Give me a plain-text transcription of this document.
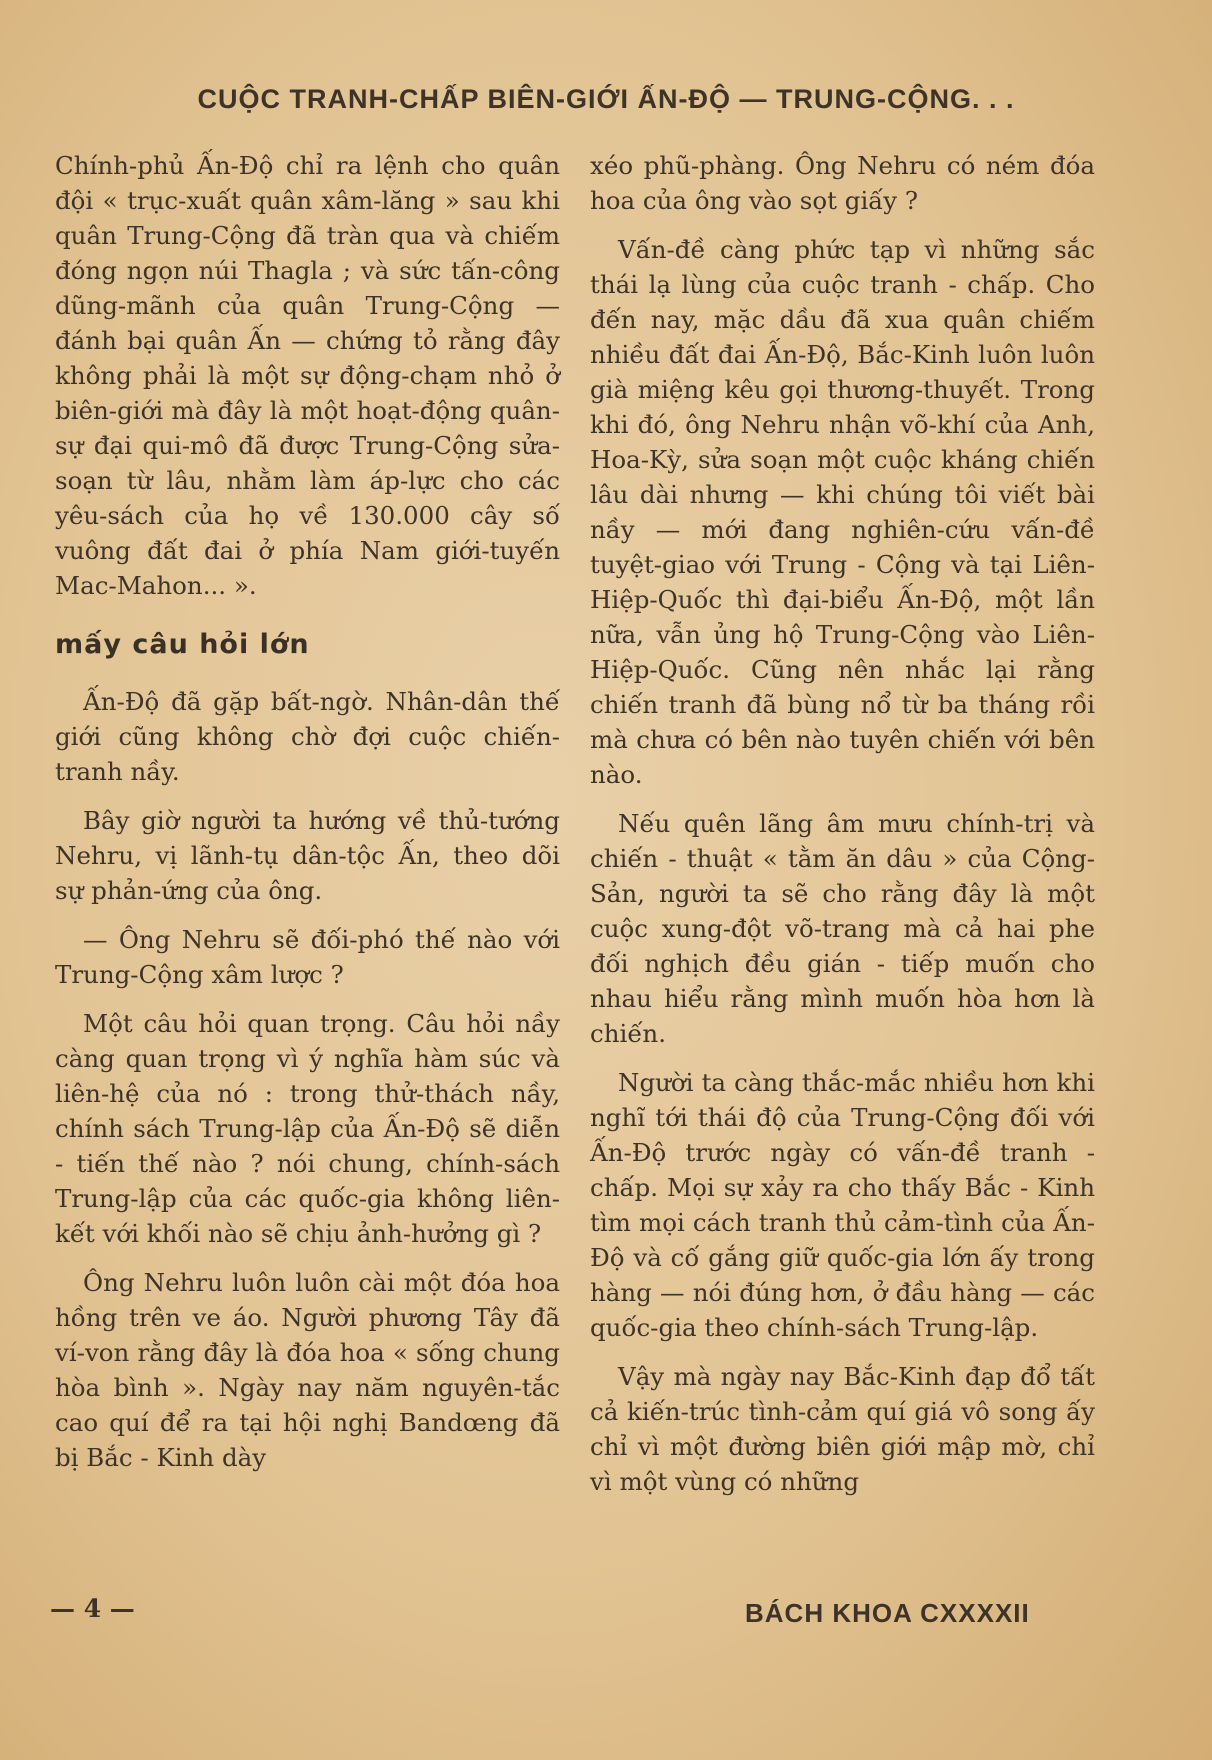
CUỘC TRANH-CHẤP BIÊN-GIỚI ẤN-ĐỘ — TRUNG-CỘNG. . .

Chính-phủ Ấn-Độ chỉ ra lệnh cho quân đội « trục-xuất quân xâm-lăng » sau khi quân Trung-Cộng đã tràn qua và chiếm đóng ngọn núi Thagla ; và sức tấn-công dũng-mãnh của quân Trung-Cộng — đánh bại quân Ấn — chứng tỏ rằng đây không phải là một sự động-chạm nhỏ ở biên-giới mà đây là một hoạt-động quân-sự đại qui-mô đã được Trung-Cộng sửa-soạn từ lâu, nhằm làm áp-lực cho các yêu-sách của họ về 130.000 cây số vuông đất đai ở phía Nam giới-tuyến Mac-Mahon... ».

mấy câu hỏi lớn

Ấn-Độ đã gặp bất-ngờ. Nhân-dân thế giới cũng không chờ đợi cuộc chiến-tranh nầy.

Bây giờ người ta hướng về thủ-tướng Nehru, vị lãnh-tụ dân-tộc Ấn, theo dõi sự phản-ứng của ông.

— Ông Nehru sẽ đối-phó thế nào với Trung-Cộng xâm lược ?

Một câu hỏi quan trọng. Câu hỏi nầy càng quan trọng vì ý nghĩa hàm súc và liên-hệ của nó : trong thử-thách nầy, chính sách Trung-lập của Ấn-Độ sẽ diễn - tiến thế nào ? nói chung, chính-sách Trung-lập của các quốc-gia không liên-kết với khối nào sẽ chịu ảnh-hưởng gì ?

Ông Nehru luôn luôn cài một đóa hoa hồng trên ve áo. Người phương Tây đã ví-von rằng đây là đóa hoa « sống chung hòa bình ». Ngày nay năm nguyên-tắc cao quí để ra tại hội nghị Bandœng đã bị Bắc - Kinh dày

xéo phũ-phàng. Ông Nehru có ném đóa hoa của ông vào sọt giấy ?

Vấn-đề càng phức tạp vì những sắc thái lạ lùng của cuộc tranh - chấp. Cho đến nay, mặc dầu đã xua quân chiếm nhiều đất đai Ấn-Độ, Bắc-Kinh luôn luôn già miệng kêu gọi thương-thuyết. Trong khi đó, ông Nehru nhận võ-khí của Anh, Hoa-Kỳ, sửa soạn một cuộc kháng chiến lâu dài nhưng — khi chúng tôi viết bài nầy — mới đang nghiên-cứu vấn-đề tuyệt-giao với Trung - Cộng và tại Liên-Hiệp-Quốc thì đại-biểu Ấn-Độ, một lần nữa, vẫn ủng hộ Trung-Cộng vào Liên-Hiệp-Quốc. Cũng nên nhắc lại rằng chiến tranh đã bùng nổ từ ba tháng rồi mà chưa có bên nào tuyên chiến với bên nào.

Nếu quên lãng âm mưu chính-trị và chiến - thuật « tằm ăn dâu » của Cộng-Sản, người ta sẽ cho rằng đây là một cuộc xung-đột võ-trang mà cả hai phe đối nghịch đều gián - tiếp muốn cho nhau hiểu rằng mình muốn hòa hơn là chiến.

Người ta càng thắc-mắc nhiều hơn khi nghĩ tới thái độ của Trung-Cộng đối với Ấn-Độ trước ngày có vấn-đề tranh - chấp. Mọi sự xảy ra cho thấy Bắc - Kinh tìm mọi cách tranh thủ cảm-tình của Ấn-Độ và cố gắng giữ quốc-gia lớn ấy trong hàng — nói đúng hơn, ở đầu hàng — các quốc-gia theo chính-sách Trung-lập.

Vậy mà ngày nay Bắc-Kinh đạp đổ tất cả kiến-trúc tình-cảm quí giá vô song ấy chỉ vì một đường biên giới mập mờ, chỉ vì một vùng có những

— 4 —	BÁCH KHOA CXXXXII
